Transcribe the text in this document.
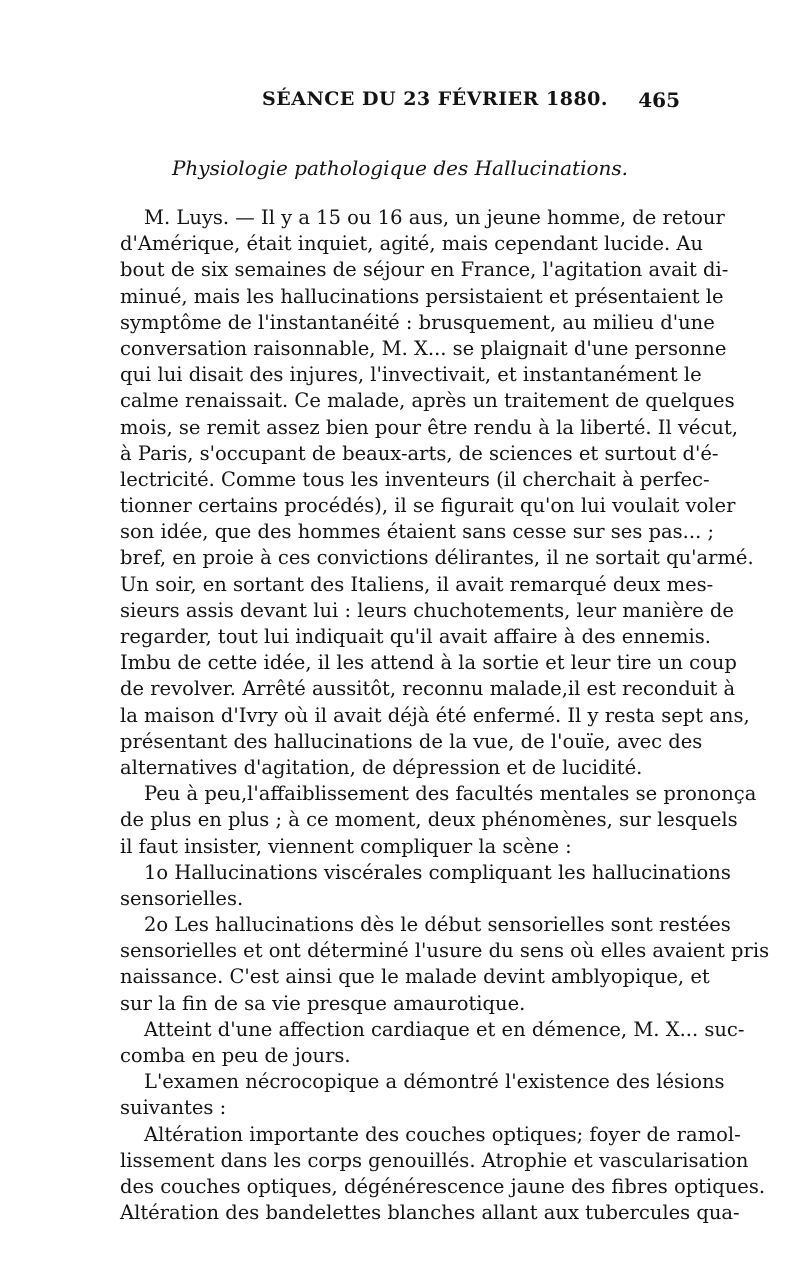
SÉANCE DU 23 FÉVRIER 1880. 465
Physiologie pathologique des Hallucinations.
M. Luys. — Il y a 15 ou 16 aus, un jeune homme, de retour
d'Amérique, était inquiet, agité, mais cependant lucide. Au
bout de six semaines de séjour en France, l'agitation avait di-
minué, mais les hallucinations persistaient et présentaient le
symptôme de l'instantanéité : brusquement, au milieu d'une
conversation raisonnable, M. X... se plaignait d'une personne
qui lui disait des injures, l'invectivait, et instantanément le
calme renaissait. Ce malade, après un traitement de quelques
mois, se remit assez bien pour être rendu à la liberté. Il vécut,
à Paris, s'occupant de beaux-arts, de sciences et surtout d'é-
lectricité. Comme tous les inventeurs (il cherchait à perfec-
tionner certains procédés), il se figurait qu'on lui voulait voler
son idée, que des hommes étaient sans cesse sur ses pas... ;
bref, en proie à ces convictions délirantes, il ne sortait qu'armé.
Un soir, en sortant des Italiens, il avait remarqué deux mes-
sieurs assis devant lui : leurs chuchotements, leur manière de
regarder, tout lui indiquait qu'il avait affaire à des ennemis.
Imbu de cette idée, il les attend à la sortie et leur tire un coup
de revolver. Arrêté aussitôt, reconnu malade,il est reconduit à
la maison d'Ivry où il avait déjà été enfermé. Il y resta sept ans,
présentant des hallucinations de la vue, de l'ouïe, avec des
alternatives d'agitation, de dépression et de lucidité.
Peu à peu,l'affaiblissement des facultés mentales se prononça
de plus en plus ; à ce moment, deux phénomènes, sur lesquels
il faut insister, viennent compliquer la scène :
1o Hallucinations viscérales compliquant les hallucinations
sensorielles.
2o Les hallucinations dès le début sensorielles sont restées
sensorielles et ont déterminé l'usure du sens où elles avaient pris
naissance. C'est ainsi que le malade devint amblyopique, et
sur la fin de sa vie presque amaurotique.
Atteint d'une affection cardiaque et en démence, M. X... suc-
comba en peu de jours.
L'examen nécrocopique a démontré l'existence des lésions
suivantes :
Altération importante des couches optiques; foyer de ramol-
lissement dans les corps genouillés. Atrophie et vascularisation
des couches optiques, dégénérescence jaune des fibres optiques.
Altération des bandelettes blanches allant aux tubercules qua-
